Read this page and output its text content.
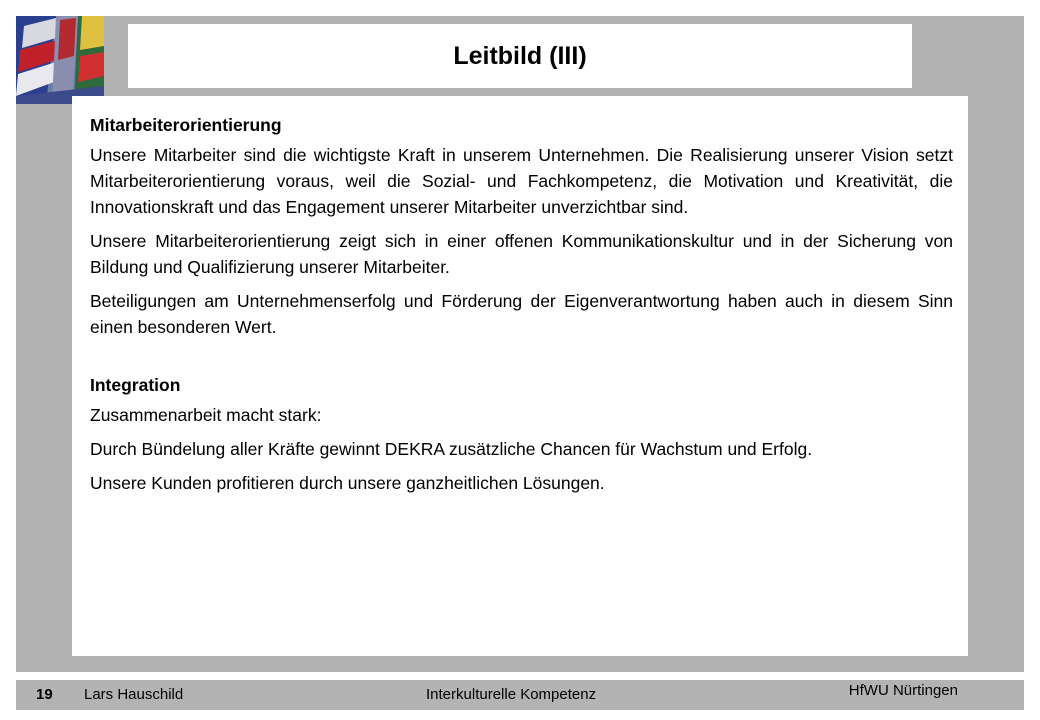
Leitbild (III)
Mitarbeiterorientierung

Unsere Mitarbeiter sind die wichtigste Kraft in unserem Unternehmen. Die Realisierung unserer Vision setzt Mitarbeiterorientierung voraus, weil die Sozial- und Fachkompetenz, die Motivation und Kreativität, die Innovationskraft und das Engagement unserer Mitarbeiter unverzichtbar sind.

Unsere Mitarbeiterorientierung zeigt sich in einer offenen Kommunikationskultur und in der Sicherung von Bildung und Qualifizierung unserer Mitarbeiter.

Beteiligungen am Unternehmenserfolg und Förderung der Eigenverantwortung haben auch in diesem Sinn einen besonderen Wert.

Integration

Zusammenarbeit macht stark:

Durch Bündelung aller Kräfte gewinnt DEKRA zusätzliche Chancen für Wachstum und Erfolg.

Unsere Kunden profitieren durch unsere ganzheitlichen Lösungen.

19 Lars Hauschild	Interkulturelle Kompetenz	HfWU Nürtingen
